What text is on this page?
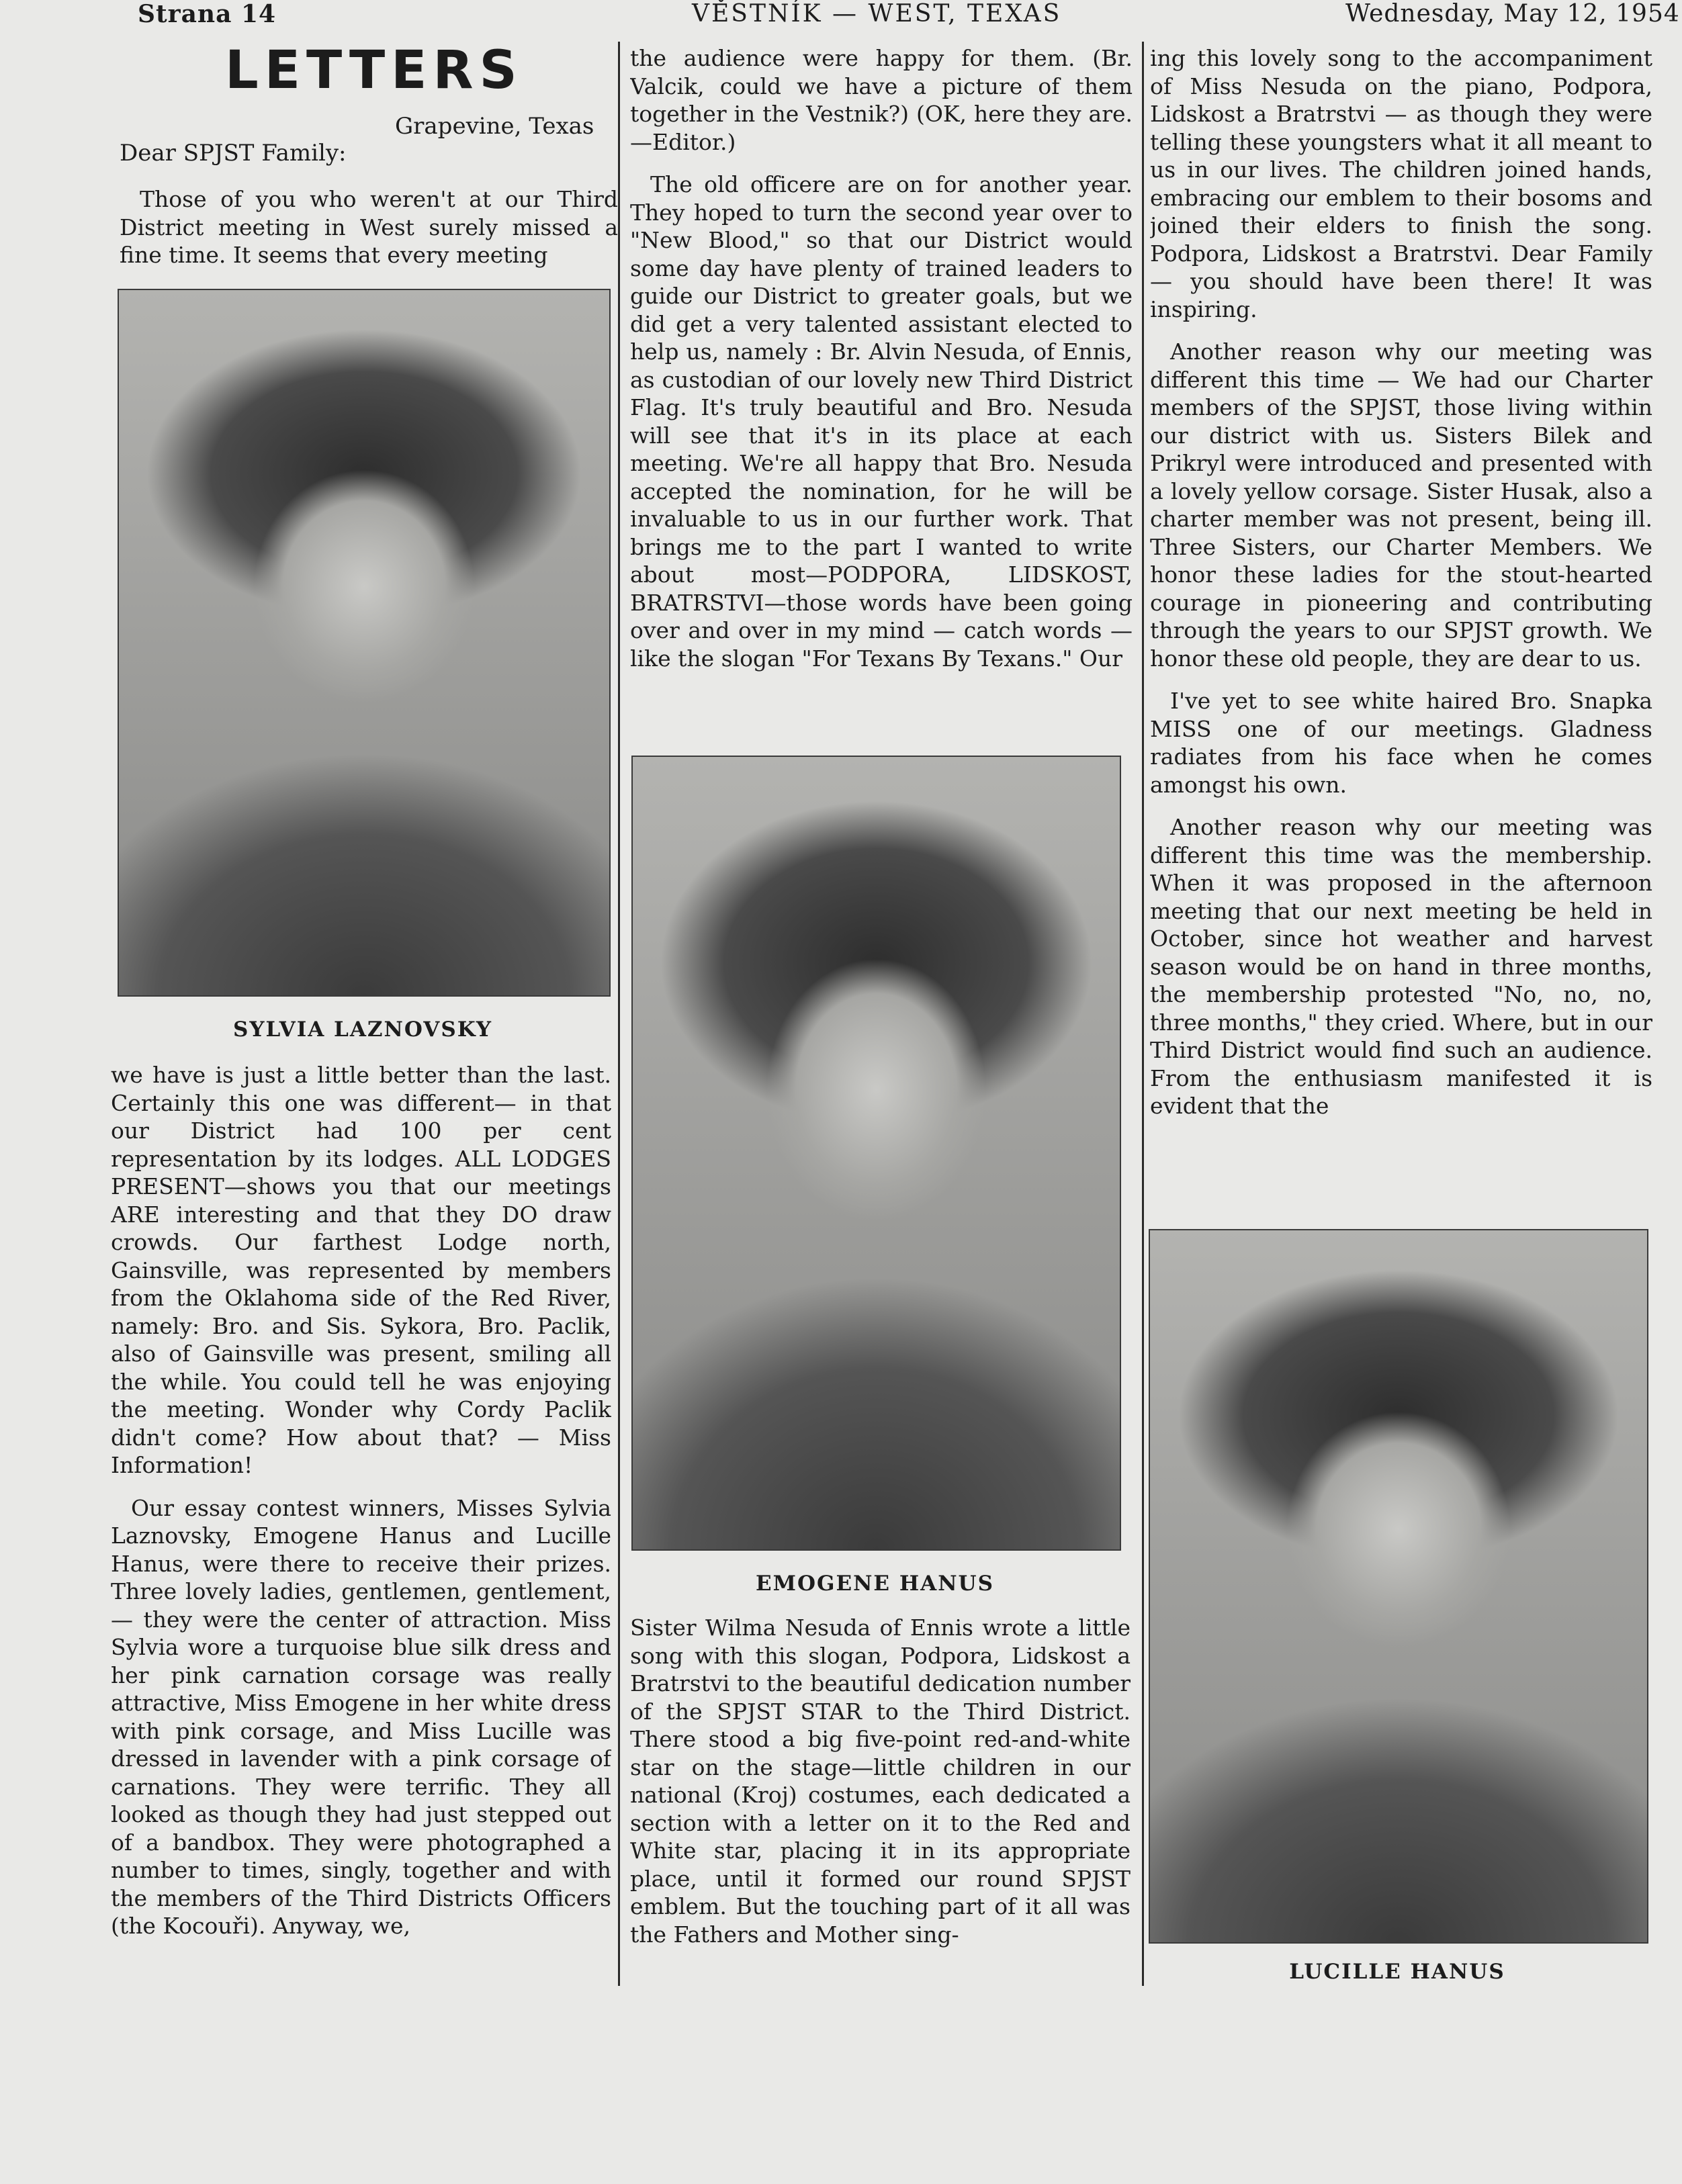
Strana 14	VĚSTNÍK — WEST, TEXAS	Wednesday, May 12, 1954
LETTERS
Grapevine, Texas
Dear SPJST Family:

Those of you who weren't at our Third District meeting in West surely missed a fine time. It seems that every meeting

SYLVIA LAZNOVSKY

we have is just a little better than the last. Certainly this one was different— in that our District had 100 per cent representation by its lodges. ALL LODGES PRESENT—shows you that our meetings ARE interesting and that they DO draw crowds. Our farthest Lodge north, Gainsville, was represented by members from the Oklahoma side of the Red River, namely: Bro. and Sis. Sykora, Bro. Paclik, also of Gainsville was present, smiling all the while. You could tell he was enjoying the meeting. Wonder why Cordy Paclik didn't come? How about that? — Miss Information!

Our essay contest winners, Misses Sylvia Laznovsky, Emogene Hanus and Lucille Hanus, were there to receive their prizes. Three lovely ladies, gentlemen, gentlement, — they were the center of attraction. Miss Sylvia wore a turquoise blue silk dress and her pink carnation corsage was really attractive, Miss Emogene in her white dress with pink corsage, and Miss Lucille was dressed in lavender with a pink corsage of carnations. They were terrific. They all looked as though they had just stepped out of a bandbox. They were photographed a number to times, singly, together and with the members of the Third Districts Officers (the Kocouři). Anyway, we,

the audience were happy for them. (Br. Valcik, could we have a picture of them together in the Vestnik?) (OK, here they are.—Editor.)

The old officere are on for another year. They hoped to turn the second year over to "New Blood," so that our District would some day have plenty of trained leaders to guide our District to greater goals, but we did get a very talented assistant elected to help us, namely : Br. Alvin Nesuda, of Ennis, as custodian of our lovely new Third District Flag. It's truly beautiful and Bro. Nesuda will see that it's in its place at each meeting. We're all happy that Bro. Nesuda accepted the nomination, for he will be invaluable to us in our further work. That brings me to the part I wanted to write about most—PODPORA, LIDSKOST, BRATRSTVI—those words have been going over and over in my mind — catch words — like the slogan "For Texans By Texans." Our

EMOGENE HANUS

Sister Wilma Nesuda of Ennis wrote a little song with this slogan, Podpora, Lidskost a Bratrstvi to the beautiful dedication number of the SPJST STAR to the Third District. There stood a big five-point red-and-white star on the stage—little children in our national (Kroj) costumes, each dedicated a section with a letter on it to the Red and White star, placing it in its appropriate place, until it formed our round SPJST emblem. But the touching part of it all was the Fathers and Mother sing-

ing this lovely song to the accompaniment of Miss Nesuda on the piano, Podpora, Lidskost a Bratrstvi — as though they were telling these youngsters what it all meant to us in our lives. The children joined hands, embracing our emblem to their bosoms and joined their elders to finish the song. Podpora, Lidskost a Bratrstvi. Dear Family — you should have been there! It was inspiring.

Another reason why our meeting was different this time — We had our Charter members of the SPJST, those living within our district with us. Sisters Bilek and Prikryl were introduced and presented with a lovely yellow corsage. Sister Husak, also a charter member was not present, being ill. Three Sisters, our Charter Members. We honor these ladies for the stout-hearted courage in pioneering and contributing through the years to our SPJST growth. We honor these old people, they are dear to us.

I've yet to see white haired Bro. Snapka MISS one of our meetings. Gladness radiates from his face when he comes amongst his own.

Another reason why our meeting was different this time was the membership. When it was proposed in the afternoon meeting that our next meeting be held in October, since hot weather and harvest season would be on hand in three months, the membership protested "No, no, no, three months," they cried. Where, but in our Third District would find such an audience. From the enthusiasm manifested it is evident that the

LUCILLE HANUS
